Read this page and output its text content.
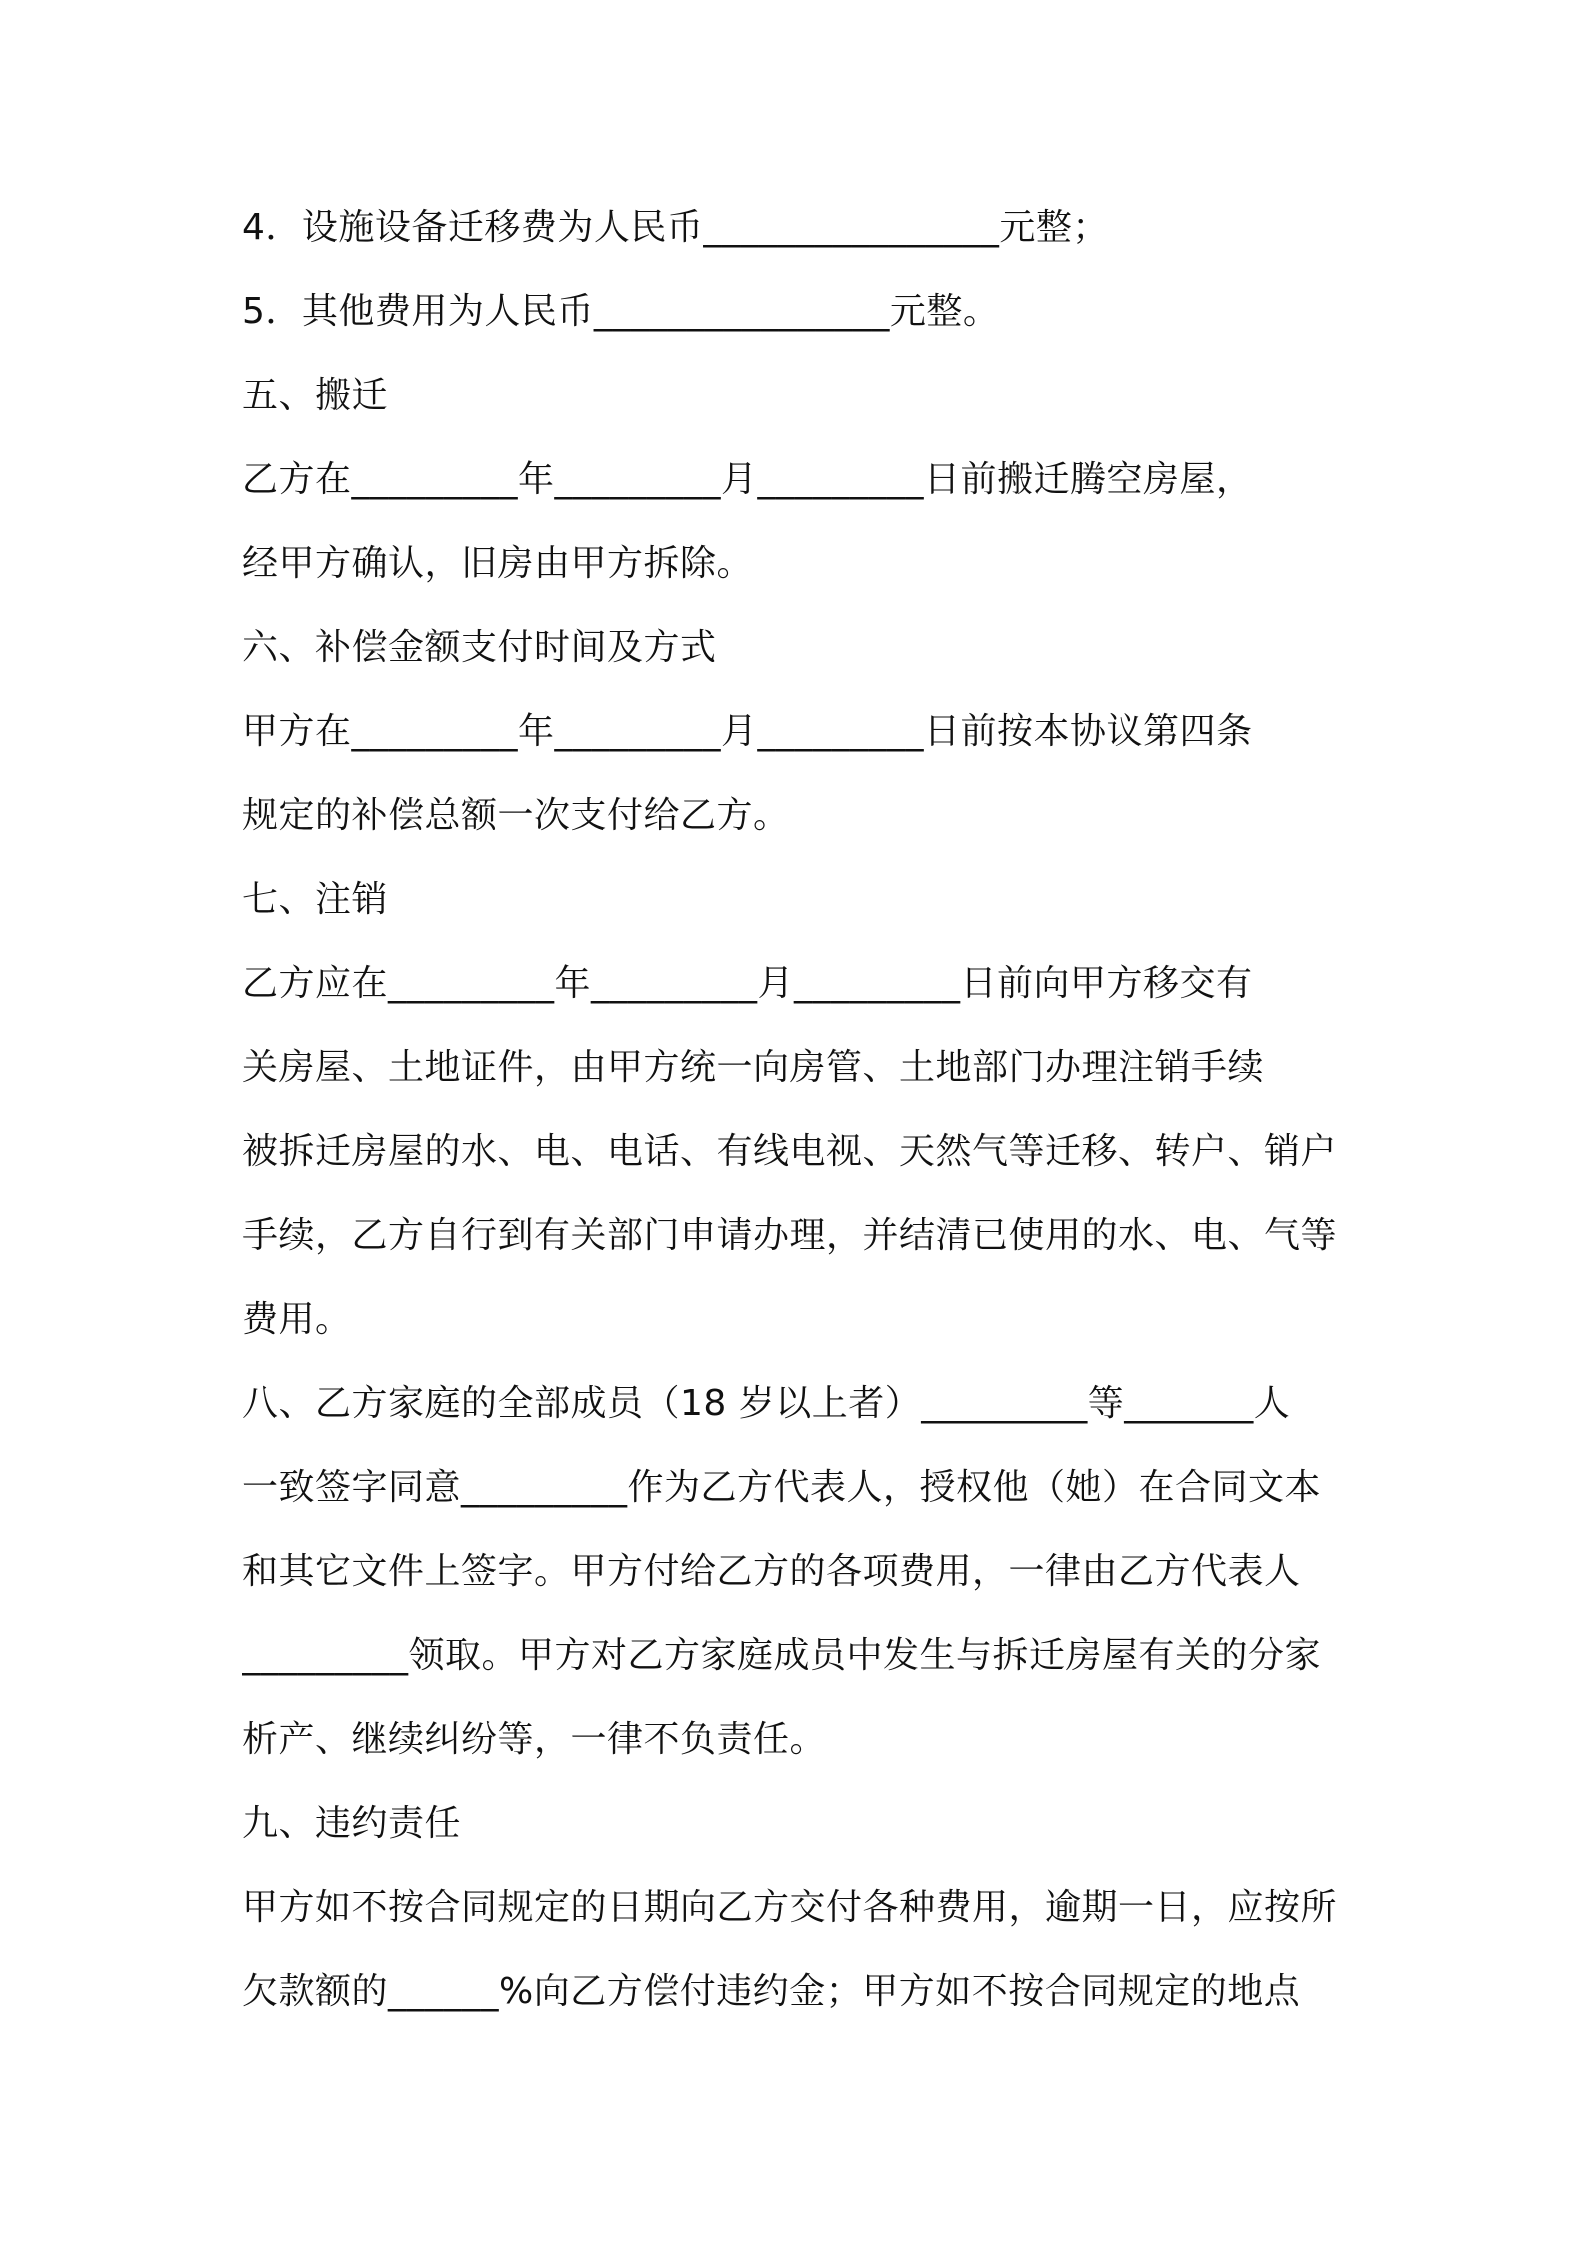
4．设施设备迁移费为人民币________________元整；
5．其他费用为人民币________________元整。
五、搬迁
乙方在_________年_________月_________日前搬迁腾空房屋，
经甲方确认，旧房由甲方拆除。
六、补偿金额支付时间及方式
甲方在_________年_________月_________日前按本协议第四条
规定的补偿总额一次支付给乙方。
七、注销
乙方应在_________年_________月_________日前向甲方移交有
关房屋、土地证件，由甲方统一向房管、土地部门办理注销手续
被拆迁房屋的水、电、电话、有线电视、天然气等迁移、转户、销户
手续，乙方自行到有关部门申请办理，并结清已使用的水、电、气等
费用。
八、乙方家庭的全部成员（18 岁以上者）_________等_______人
一致签字同意_________作为乙方代表人，授权他（她）在合同文本
和其它文件上签字。甲方付给乙方的各项费用，一律由乙方代表人
_________领取。甲方对乙方家庭成员中发生与拆迁房屋有关的分家
析产、继续纠纷等，一律不负责任。
九、违约责任
甲方如不按合同规定的日期向乙方交付各种费用，逾期一日，应按所
欠款额的______%向乙方偿付违约金；甲方如不按合同规定的地点
